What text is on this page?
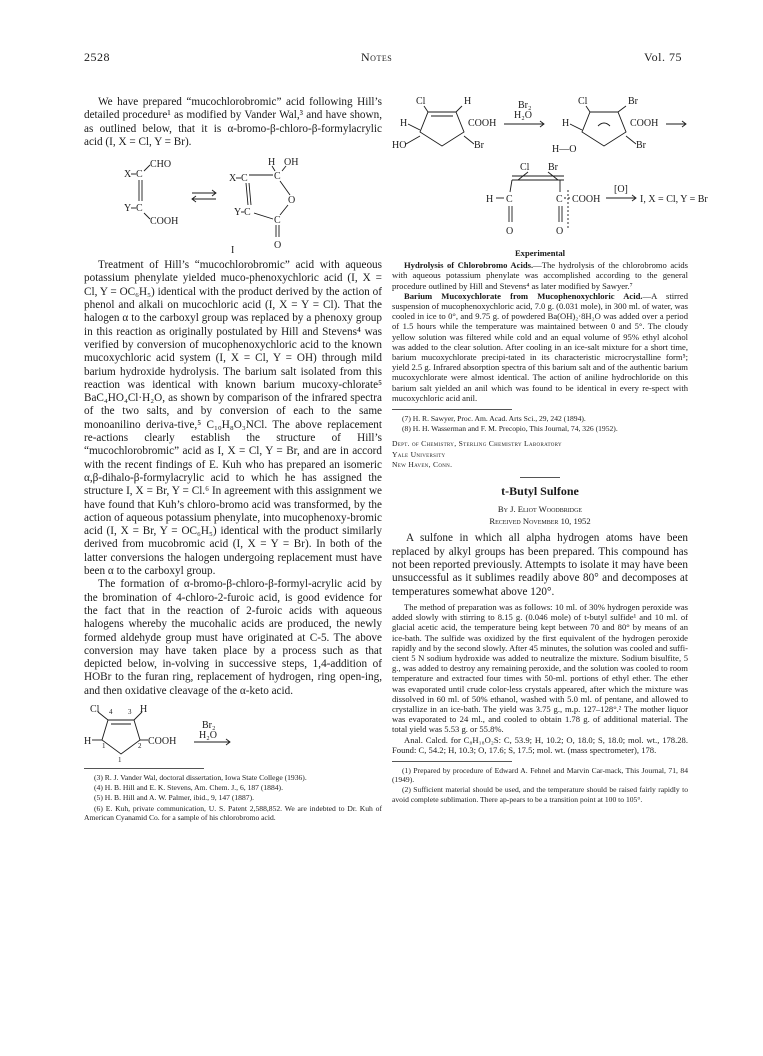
2528	Notes	Vol. 75

We have prepared “mucochlorobromic” acid following Hill’s detailed procedure¹ as modified by Vander Wal,³ and have shown, as outlined below, that it is α-bromo-β-chloro-β-formylacrylic acid (I, X = Cl, Y = Br).

X C
CHO
Y C
COOH
X C
Y C
H OH
C
O
C
O
I

Treatment of Hill’s “mucochlorobromic” acid with aqueous potassium phenylate yielded muco-phenoxychloric acid (I, X = Cl, Y = OC₆H₅) identical with the product derived by the action of phenol and alkali on mucochloric acid (I, X = Y = Cl). That the halogen α to the carboxyl group was replaced by a phenoxy group in this reaction as originally postulated by Hill and Stevens⁴ was verified by conversion of mucophenoxychloric acid to the known mucoxychloric acid system (I, X = Cl, Y = OH) through mild barium hydroxide hydrolysis. The barium salt isolated from this reaction was identical with known barium mucoxy-chlorate⁵ BaC₄HO₄Cl·H₂O, as shown by comparison of the infrared spectra of the two salts, and by conversion of each to the same monoanilino deriva-tive,⁵ C₁₀H₈O₃NCl. The above replacement re-actions clearly establish the structure of Hill’s “mucochlorobromic” acid as I, X = Cl, Y = Br, and are in accord with the recent findings of E. Kuh who has prepared an isomeric α,β-dihalo-β-formylacrylic acid to which he has assigned the structure I, X = Br, Y = Cl.⁶ In agreement with this assignment we have found that Kuh’s chloro-bromo acid was transformed, by the action of aqueous potassium phenylate, into mucophenoxy-bromic acid (I, X = Br, Y = OC₆H₅) identical with the product similarly derived from mucobromic acid (I, X = Y = Br). In both of the latter conversions the halogen undergoing replacement must have been α to the carboxyl group.

The formation of α-bromo-β-chloro-β-formyl-acrylic acid by the bromination of 4-chloro-2-furoic acid, is good evidence for the fact that in the reaction of 2-furoic acids with aqueous halogens whereby the mucohalic acids are produced, the newly formed aldehyde group must have originated at C-5. The above conversion may have taken place by a process such as that depicted below, in-volving in successive steps, 1,4-addition of HOBr to the furan ring, replacement of hydrogen, ring open-ing, and then oxidative cleavage of the α-keto acid.

Cl 4 3 H
H 1	2 COOH
1
Br₂
H₂O

(3) R. J. Vander Wal, doctoral dissertation, Iowa State College (1936).

(4) H. B. Hill and E. K. Stevens, Am. Chem. J., 6, 187 (1884).

(5) H. B. Hill and A. W. Palmer, ibid., 9, 147 (1887).

(6) E. Kuh, private communication, U. S. Patent 2,588,852. We are indebted to Dr. Kuh of American Cyanamid Co. for a sample of his chlorobromo acid.

Cl	H
H	COOH
HO	Br
Br₂
H₂O
Cl	Br
H	COOH
H—O	Br
Cl Br
H C
O
C COOH
O
[O]
I, X = Cl, Y = Br

Experimental

Hydrolysis of Chlorobromo Acids.—The hydrolysis of the chlorobromo acids with aqueous potassium phenylate was accomplished according to the general procedure outlined by Hill and Stevens⁴ as later modified by Sawyer.⁷

Barium Mucoxychlorate from Mucophenoxychloric Acid.—A stirred suspension of mucophenoxychloric acid, 7.0 g. (0.031 mole), in 300 ml. of water, was cooled in ice to 0°, and 9.75 g. of powdered Ba(OH)₂·8H₂O was added over a period of 1.5 hours while the temperature was maintained between 0 and 5°. The cloudy yellow solution was filtered while cold and an equal volume of 95% ethyl alcohol was added to the clear solution. After cooling in an ice-salt mixture for a short time, barium mucoxychlorate precipi-tated in its characteristic microcrystalline form⁵; yield 2.5 g. Infrared absorption spectra of this barium salt and of the authentic barium mucoxychlorate were almost identical. The action of aniline hydrochloride on this barium salt yielded an anil which was found to be identical in every re-spect with mucoxychloric acid anil.

(7) H. R. Sawyer, Proc. Am. Acad. Arts Sci., 29, 242 (1894).

(8) H. H. Wasserman and F. M. Precopio, This Journal, 74, 326 (1952).

Dept. of Chemistry, Sterling Chemistry Laboratory

Yale University

New Haven, Conn.

t-Butyl Sulfone

By J. Eliot Woodbridge

Received November 10, 1952

A sulfone in which all alpha hydrogen atoms have been replaced by alkyl groups has been prepared. This compound has not been reported previously. Attempts to isolate it may have been unsuccessful as it sublimes readily above 80° and decomposes at temperatures somewhat above 120°.

The method of preparation was as follows: 10 ml. of 30% hydrogen peroxide was added slowly with stirring to 8.15 g. (0.046 mole) of t-butyl sulfide¹ and 10 ml. of glacial acetic acid, the temperature being kept between 70 and 80° by means of an ice-bath. The sulfide was oxidized by the first equivalent of the hydrogen peroxide rapidly and by the second slowly. After 45 minutes, the solution was cooled and suffi-cient 5 N sodium hydroxide was added to neutralize the mixture. Sodium bisulfite, 5 g., was added to destroy any remaining peroxide, and the solution was cooled to room temperature and extracted four times with 50-ml. portions of ethyl ether. The ether was evaporated until crude color-less crystals appeared, after which the mixture was dissolved in 60 ml. of 50% ethanol, washed with 5.0 ml. of pentane, and allowed to crystallize in an ice-bath. The yield was 3.75 g., m.p. 127–128°.² The mother liquor was evaporated to 24 ml., and cooled to obtain 1.78 g. of additional material. The total yield was 5.53 g. or 55.8%.

Anal. Calcd. for C₈H₁₈O₂S: C, 53.9; H, 10.2; O, 18.0; S, 18.0; mol. wt., 178.28. Found: C, 54.2; H, 10.3; O, 17.6; S, 17.5; mol. wt. (mass spectrometer), 178.

(1) Prepared by procedure of Edward A. Fehnel and Marvin Car-mack, This Journal, 71, 84 (1949).

(2) Sufficient material should be used, and the temperature should be raised fairly rapidly to avoid complete sublimation. There ap-pears to be a transition point at 100 to 105°.
